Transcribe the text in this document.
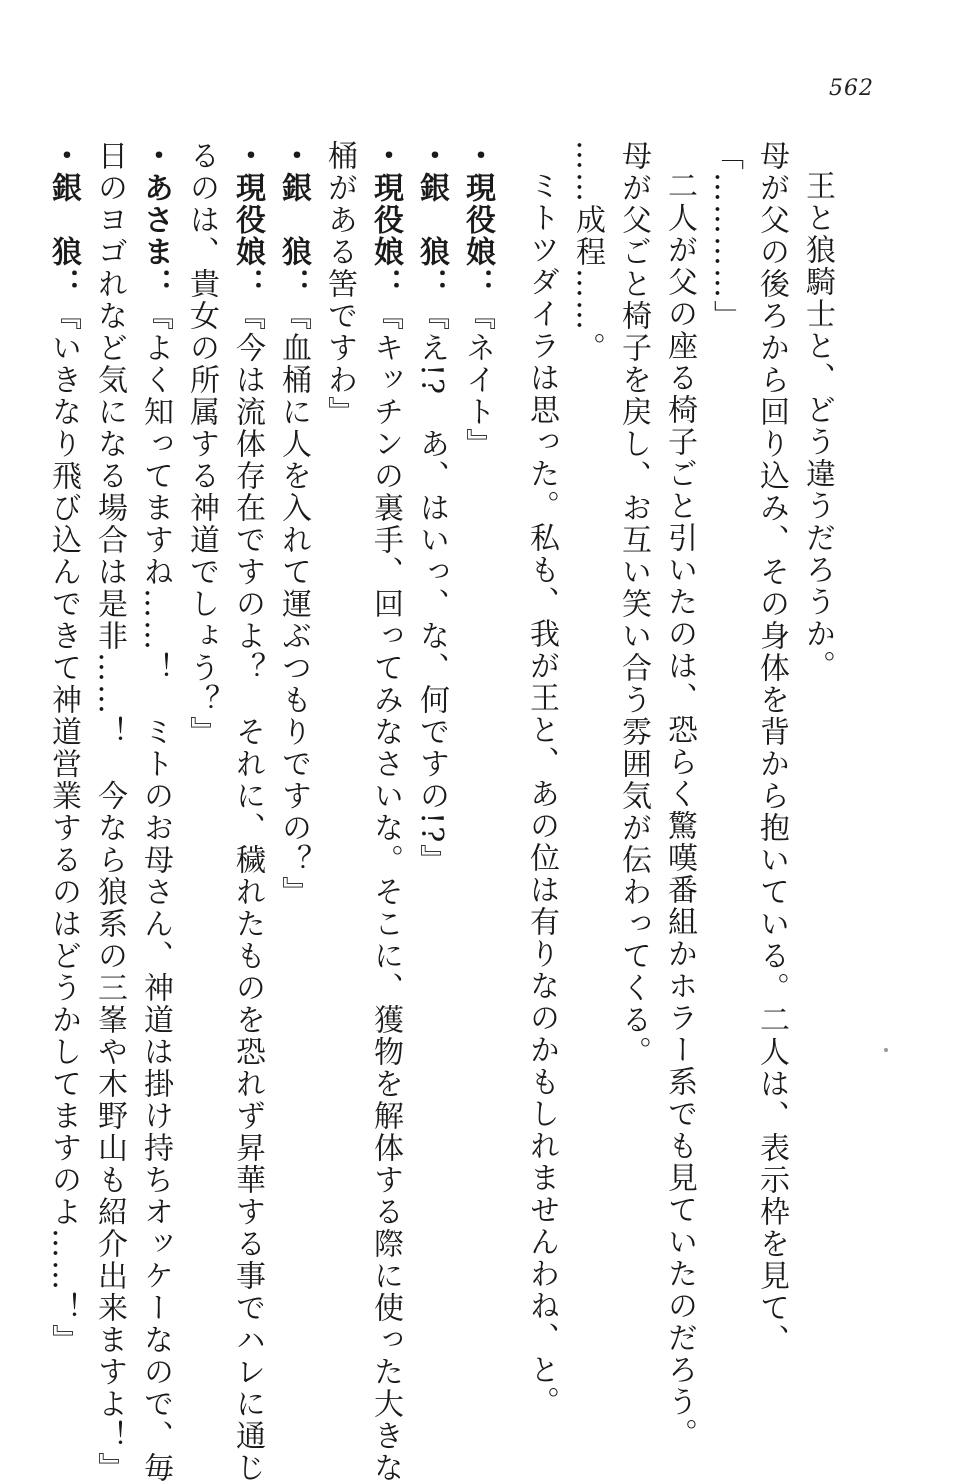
562
王と狼騎士と、どう違うだろうか。
母が父の後ろから回り込み、その身体を背から抱いている。二人は、表示枠を見て、
「…………」
二人が父の座る椅子ごと引いたのは、恐らく驚嘆番組かホラー系でも見ていたのだろう。
母が父ごと椅子を戻し、お互い笑い合う雰囲気が伝わってくる。
……成程……。
ミトツダイラは思った。私も、我が王と、あの位は有りなのかもしれませんわね、と。
・現役娘：『ネイト』
・銀　狼：『え!?　あ、はいっ、な、何ですの!?』
・現役娘：『キッチンの裏手、回ってみなさいな。そこに、獲物を解体する際に使った大きな
桶がある筈ですわ』
・銀　狼：『血桶に人を入れて運ぶつもりですの？』
・現役娘：『今は流体存在ですのよ？　それに、穢れたものを恐れず昇華する事でハレに通じ
るのは、貴女の所属する神道でしょう？』
・あさま：『よく知ってますね……！　ミトのお母さん、神道は掛け持ちオッケーなので、毎
日のヨゴれなど気になる場合は是非……！　今なら狼系の三峯や木野山も紹介出来ますよ！』
・銀　狼：『いきなり飛び込んできて神道営業するのはどうかしてますのよ……！』
